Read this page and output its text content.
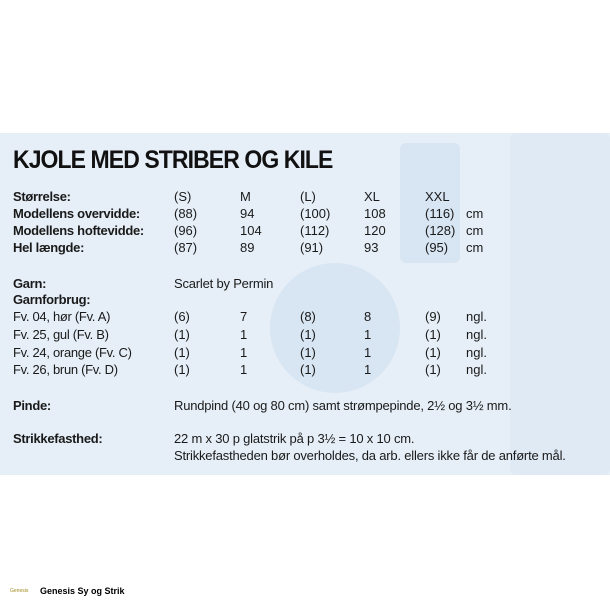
KJOLE MED STRIBER OG KILE
Størrelse:	(S)	M	(L)	XL	XXL
Modellens overvidde:	(88)	94	(100)	108	(116) cm
Modellens hoftevidde: (96)	104	(112)	120	(128) cm
Hel længde:	(87)	89	(91)	93	(95) cm
Garn:	Scarlet by Permin
Garnforbrug:
Fv. 04, hør (Fv. A)	(6)	7	(8)	8	(9) ngl.
Fv. 25, gul (Fv. B)	(1)	1	(1)	1	(1) ngl.
Fv. 24, orange (Fv. C)	(1)	1	(1)	1	(1) ngl.
Fv. 26, brun (Fv. D)	(1)	1	(1)	1	(1) ngl.
Pinde:	Rundpind (40 og 80 cm) samt strømpepinde, 2½ og 3½ mm.
Strikkefasthed:	22 m x 30 p glatstrik på p 3½ = 10 x 10 cm.
Strikkefastheden bør overholdes, da arb. ellers ikke får de anførte mål.
Genesis	Genesis Sy og Strik
